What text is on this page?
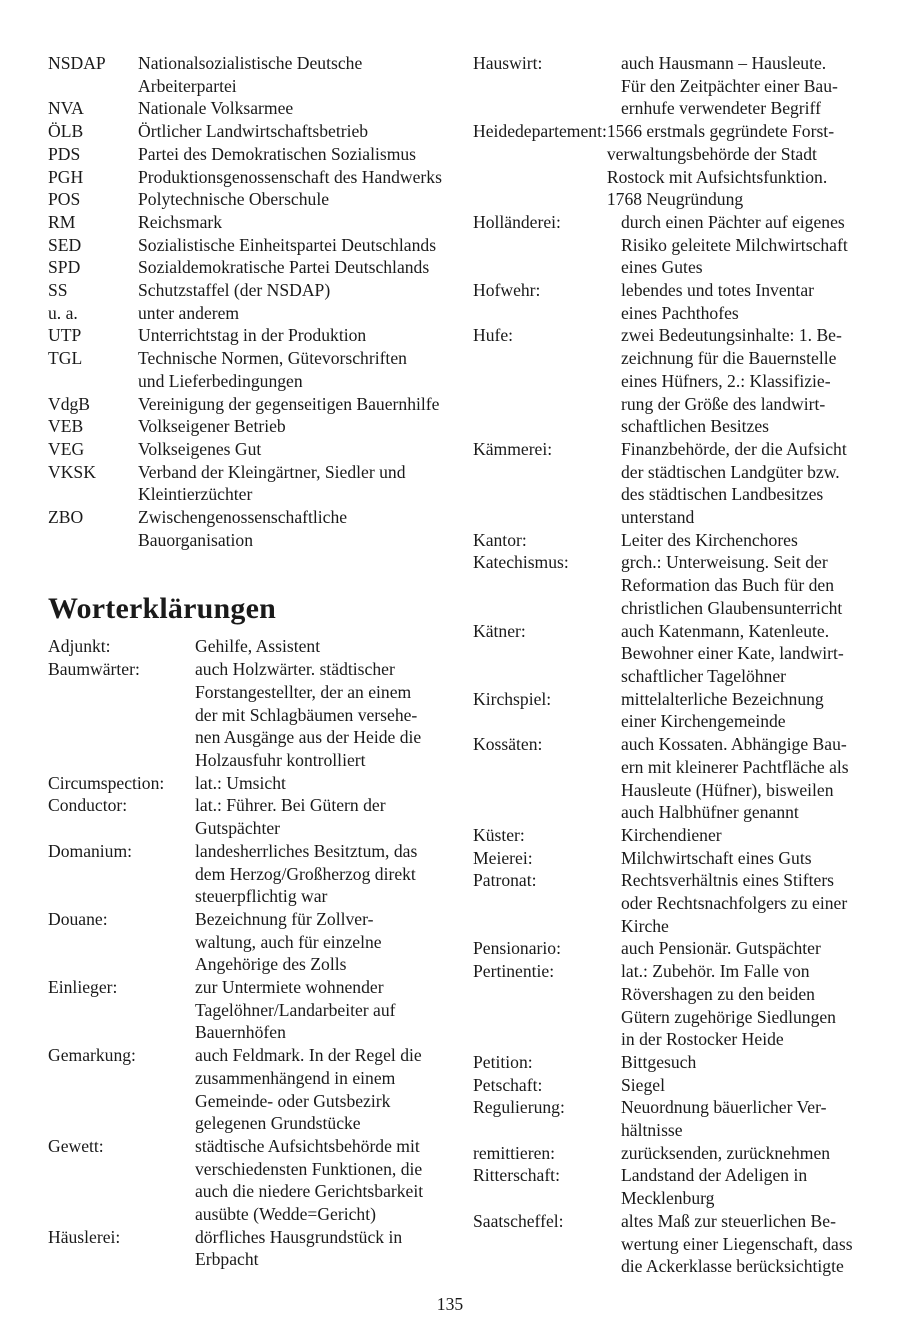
NSDAP	Nationalsozialistische Deutsche
Arbeiterpartei
NVA	Nationale Volksarmee
ÖLB	Örtlicher Landwirtschaftsbetrieb
PDS	Partei des Demokratischen Sozialismus
PGH	Produktionsgenossenschaft des Handwerks
POS	Polytechnische Oberschule
RM	Reichsmark
SED	Sozialistische Einheitspartei Deutschlands
SPD	Sozialdemokratische Partei Deutschlands
SS	Schutzstaffel (der NSDAP)
u. a.	unter anderem
UTP	Unterrichtstag in der Produktion
TGL	Technische Normen, Gütevorschriften
und Lieferbedingungen
VdgB	Vereinigung der gegenseitigen Bauernhilfe
VEB	Volkseigener Betrieb
VEG	Volkseigenes Gut
VKSK	Verband der Kleingärtner, Siedler und
Kleintierzüchter
ZBO	Zwischengenossenschaftliche
Bauorganisation
Worterklärungen
Adjunkt:	Gehilfe, Assistent
Baumwärter:	auch Holzwärter. städtischer
Forstangestellter, der an einem
der mit Schlagbäumen versehe-
nen Ausgänge aus der Heide die
Holzausfuhr kontrolliert
Circumspection:	lat.: Umsicht
Conductor:	lat.: Führer. Bei Gütern der
Gutspächter
Domanium:	landesherrliches Besitztum, das
dem Herzog/Großherzog direkt
steuerpflichtig war
Douane:	Bezeichnung für Zollver-
waltung, auch für einzelne
Angehörige des Zolls
Einlieger:	zur Untermiete wohnender
Tagelöhner/Landarbeiter auf
Bauernhöfen
Gemarkung:	auch Feldmark. In der Regel die
zusammenhängend in einem
Gemeinde- oder Gutsbezirk
gelegenen Grundstücke
Gewett:	städtische Aufsichtsbehörde mit
verschiedensten Funktionen, die
auch die niedere Gerichtsbarkeit
ausübte (Wedde=Gericht)
Häuslerei:	dörfliches Hausgrundstück in
Erbpacht
Hauswirt:	auch Hausmann – Hausleute.
Für den Zeitpächter einer Bau-
ernhufe verwendeter Begriff
Heidedepartement: 1566 erstmals gegründete Forst-
verwaltungsbehörde der Stadt
Rostock mit Aufsichtsfunktion.
1768 Neugründung
Holländerei:	durch einen Pächter auf eigenes
Risiko geleitete Milchwirtschaft
eines Gutes
Hofwehr:	lebendes und totes Inventar
eines Pachthofes
Hufe:	zwei Bedeutungsinhalte: 1. Be-
zeichnung für die Bauernstelle
eines Hüfners, 2.: Klassifizie-
rung der Größe des landwirt-
schaftlichen Besitzes
Kämmerei:	Finanzbehörde, der die Aufsicht
der städtischen Landgüter bzw.
des städtischen Landbesitzes
unterstand
Kantor:	Leiter des Kirchenchores
Katechismus:	grch.: Unterweisung. Seit der
Reformation das Buch für den
christlichen Glaubensunterricht
Kätner:	auch Katenmann, Katenleute.
Bewohner einer Kate, landwirt-
schaftlicher Tagelöhner
Kirchspiel:	mittelalterliche Bezeichnung
einer Kirchengemeinde
Kossäten:	auch Kossaten. Abhängige Bau-
ern mit kleinerer Pachtfläche als
Hausleute (Hüfner), bisweilen
auch Halbhüfner genannt
Küster:	Kirchendiener
Meierei:	Milchwirtschaft eines Guts
Patronat:	Rechtsverhältnis eines Stifters
oder Rechtsnachfolgers zu einer
Kirche
Pensionario:	auch Pensionär. Gutspächter
Pertinentie:	lat.: Zubehör. Im Falle von
Rövershagen zu den beiden
Gütern zugehörige Siedlungen
in der Rostocker Heide
Petition:	Bittgesuch
Petschaft:	Siegel
Regulierung:	Neuordnung bäuerlicher Ver-
hältnisse
remittieren:	zurücksenden, zurücknehmen
Ritterschaft:	Landstand der Adeligen in
Mecklenburg
Saatscheffel:	altes Maß zur steuerlichen Be-
wertung einer Liegenschaft, dass
die Ackerklasse berücksichtigte
135
